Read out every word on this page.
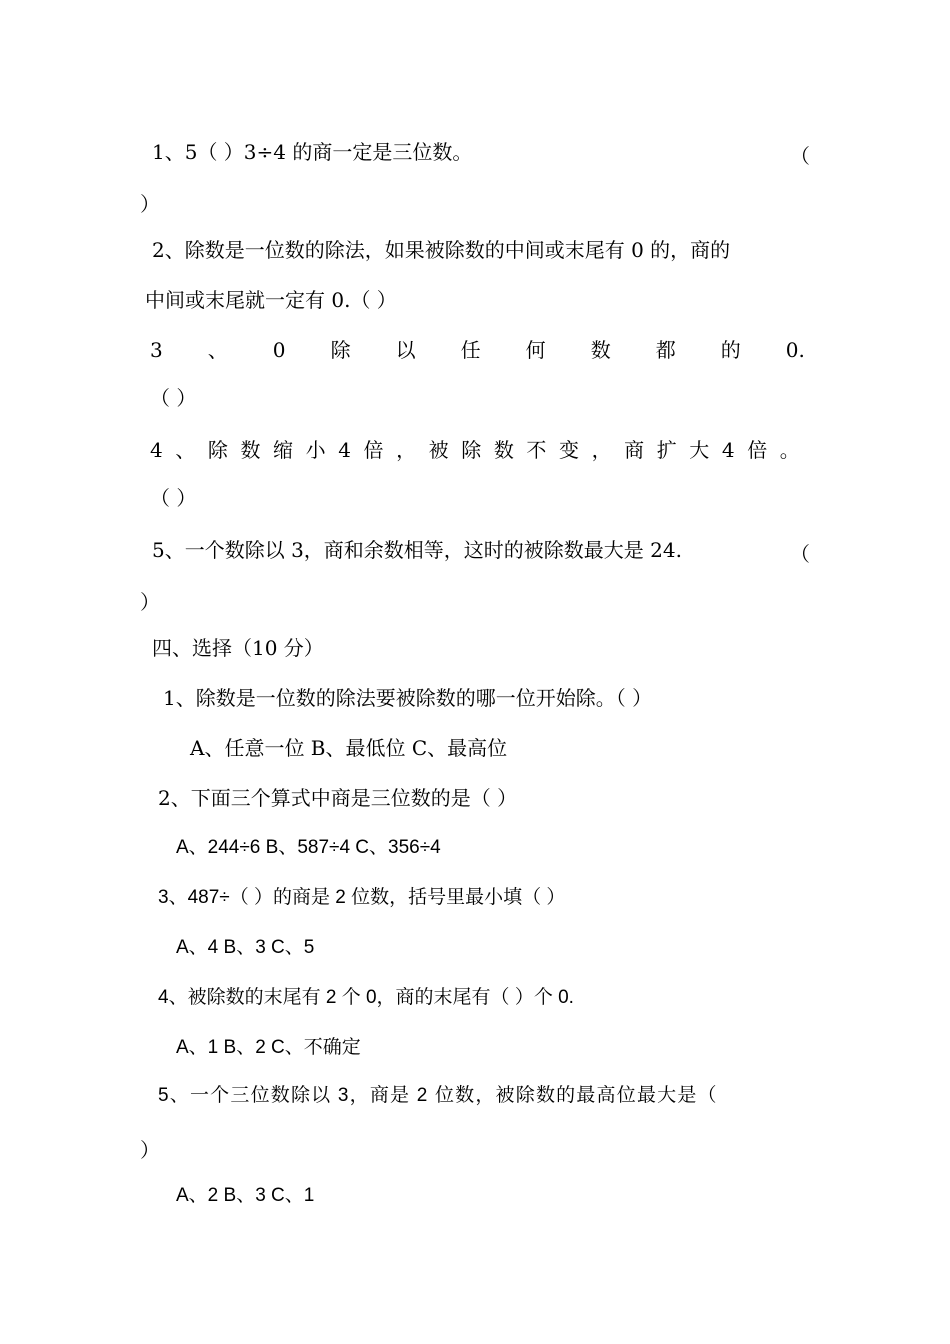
1、5（ ）3÷4 的商一定是三位数。	（
）
2、除数是一位数的除法，如果被除数的中间或末尾有 0 的，商的
中间或末尾就一定有 0.（ ）
3 、 0 除 以 任 何 数 都 的 0.
（ ）
4 、 除 数 缩 小 4 倍 ， 被 除 数 不 变 ， 商 扩 大 4 倍 。
（ ）
5、一个数除以 3，商和余数相等，这时的被除数最大是 24.	（
）
四、选择（10 分）
1、除数是一位数的除法要被除数的哪一位开始除。（ ）
A、任意一位 B、最低位 C、最高位
2、下面三个算式中商是三位数的是（ ）
A、244÷6 B、587÷4 C、356÷4
3、487÷（ ）的商是 2 位数，括号里最小填（ ）
A、4 B、3 C、5
4、被除数的末尾有 2 个 0，商的末尾有（ ）个 0.
A、1 B、2 C、不确定
5、一个三位数除以 3，商是 2 位数，被除数的最高位最大是（
）
A、2 B、3 C、1
